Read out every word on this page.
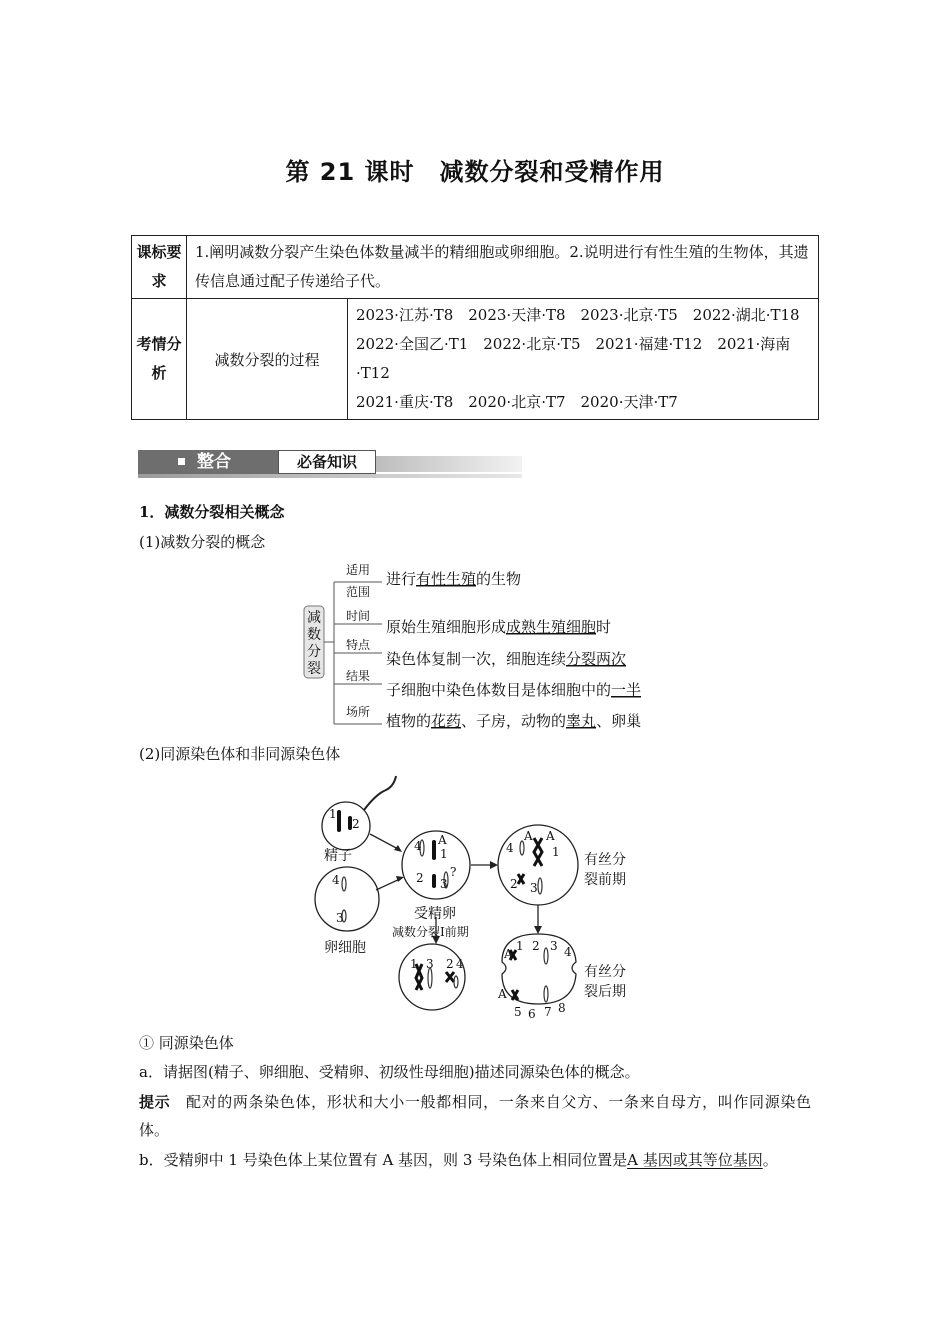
第 21 课时　减数分裂和受精作用
课标要求	1.阐明减数分裂产生染色体数量减半的精细胞或卵细胞。2.说明进行有性生殖的生物体，其遗传信息通过配子传递给子代。	
考情分析	减数分裂的过程	2023·江苏·T8　2023·天津·T8　2023·北京·T5　2022·湖北·T18
2022·全国乙·T1　2022·北京·T5　2021·福建·T12　2021·海南
·T12
2021·重庆·T8　2020·北京·T7　2020·天津·T7
整合	必备知识
1．减数分裂相关概念
(1)减数分裂的概念
减
数
分
裂
适用
范围
时间
特点
结果
场所
进行有性生殖的生物
原始生殖细胞形成成熟生殖细胞时
染色体复制一次，细胞连续分裂两次
子细胞中染色体数目是体细胞中的一半
植物的花药、子房，动物的睾丸、卵巢
(2)同源染色体和非同源染色体
1
2
4
3
4 A
1
2 3
?
4
A A
1
2 3
1 3 2 4
A
1 2 3 4
A
5 6 7 8
精子
卵细胞
受精卵
有丝分
裂前期
有丝分
裂后期
减数分裂Ⅰ前期
① 同源染色体
a．请据图(精子、卵细胞、受精卵、初级性母细胞)描述同源染色体的概念。
提示　 配对的两条染色体，形状和大小一般都相同，一条来自父方、一条来自母方，叫作同源染色体。
b．受精卵中 1 号染色体上某位置有 A 基因，则 3 号染色体上相同位置是A 基因或其等位基因。
